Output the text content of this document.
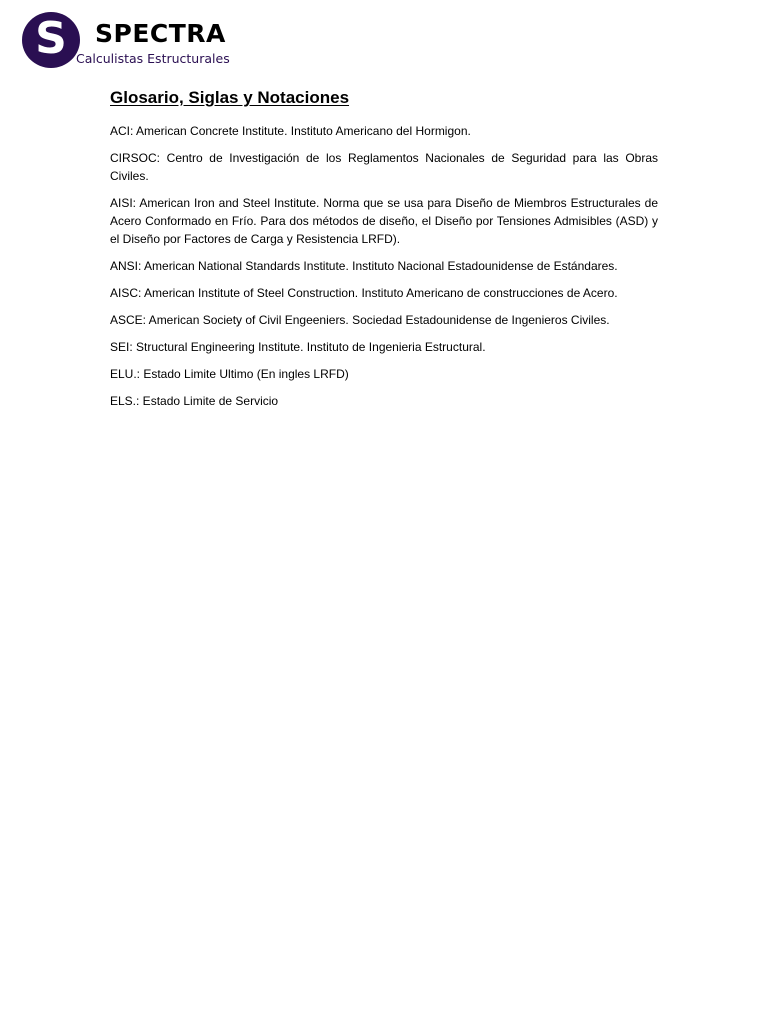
S SPECTRA
Calculistas Estructurales
Glosario, Siglas y Notaciones

ACI: American Concrete Institute. Instituto Americano del Hormigon.

CIRSOC: Centro de Investigación de los Reglamentos Nacionales de Seguridad para las Obras Civiles.

AISI: American Iron and Steel Institute. Norma que se usa para Diseño de Miembros Estructurales de Acero Conformado en Frío. Para dos métodos de diseño, el Diseño por Tensiones Admisibles (ASD) y el Diseño por Factores de Carga y Resistencia LRFD).

ANSI: American National Standards Institute. Instituto Nacional Estadounidense de Estándares.

AISC: American Institute of Steel Construction. Instituto Americano de construcciones de Acero.

ASCE: American Society of Civil Engeeniers. Sociedad Estadounidense de Ingenieros Civiles.

SEI: Structural Engineering Institute. Instituto de Ingenieria Estructural.

ELU.: Estado Limite Ultimo (En ingles LRFD)

ELS.: Estado Limite de Servicio
